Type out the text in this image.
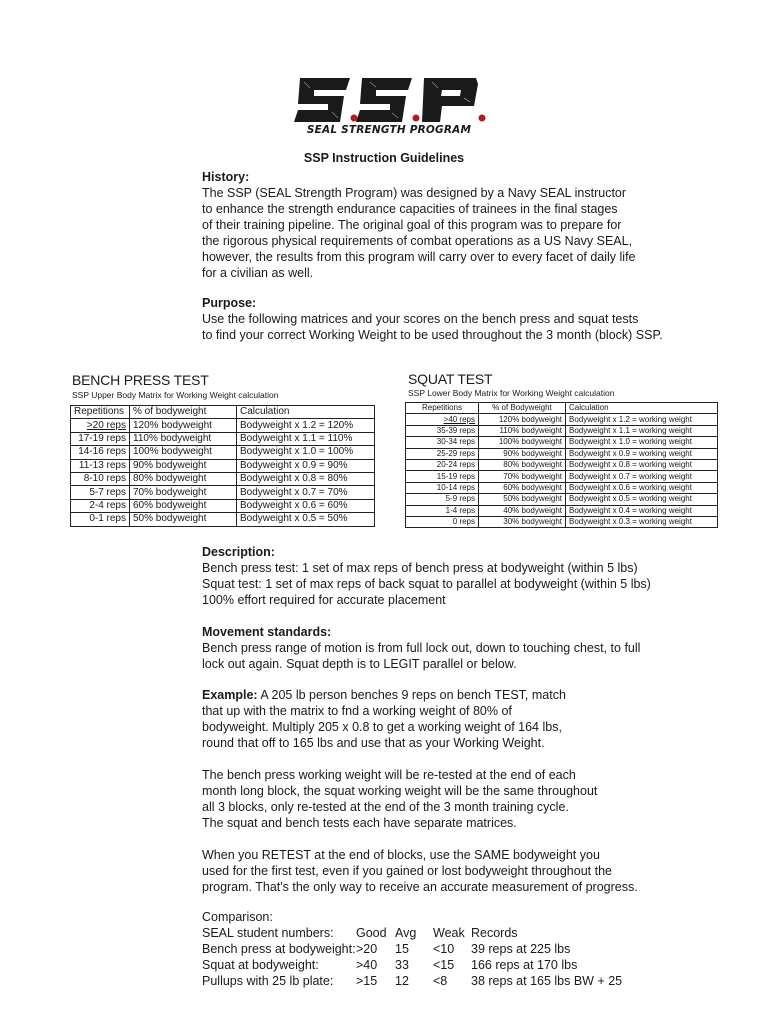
SSP
SEAL STRENGTH PROGRAM
SSP Instruction Guidelines

History:

The SSP (SEAL Strength Program) was designed by a Navy SEAL instructor

to enhance the strength endurance capacities of trainees in the final stages

of their training pipeline. The original goal of this program was to prepare for

the rigorous physical requirements of combat operations as a US Navy SEAL,

however, the results from this program will carry over to every facet of daily life

for a civilian as well.

Purpose:

Use the following matrices and your scores on the bench press and squat tests

to find your correct Working Weight to be used throughout the 3 month (block) SSP.

BENCH PRESS TEST
SSP Upper Body Matrix for Working Weight calculation
Repetitions	% of bodyweight	Calculation
>20 reps	120% bodyweight	Bodyweight x 1.2 = 120%
17-19 reps	110% bodyweight	Bodyweight x 1.1 = 110%
14-16 reps	100% bodyweight	Bodyweight x 1.0 = 100%
11-13 reps	90% bodyweight	Bodyweight x 0.9 = 90%
8-10 reps	80% bodyweight	Bodyweight x 0.8 = 80%
5-7 reps	70% bodyweight	Bodyweight x 0.7 = 70%
2-4 reps	60% bodyweight	Bodyweight x 0.6 = 60%
0-1 reps	50% bodyweight	Bodyweight x 0.5 = 50%
SQUAT TEST
SSP Lower Body Matrix for Working Weight calculation
Repetitions	% of Bodyweight	Calculation
>40 reps	120% bodyweight	Bodyweight x 1.2 = working weight
35-39 reps	110% bodyweight	Bodyweight x 1.1 = working weight
30-34 reps	100% bodyweight	Bodyweight x 1.0 = working weight
25-29 reps	90% bodyweight	Bodyweight x 0.9 = working weight
20-24 reps	80% bodyweight	Bodyweight x 0.8 = working weight
15-19 reps	70% bodyweight	Bodyweight x 0.7 = working weight
10-14 reps	60% bodyweight	Bodyweight x 0.6 = working weight
5-9 reps	50% bodyweight	Bodyweight x 0.5 = working weight
1-4 reps	40% bodyweight	Bodyweight x 0.4 = working weight
0 reps	30% bodyweight	Bodyweight x 0.3 = working weight

Description:

Bench press test: 1 set of max reps of bench press at bodyweight (within 5 lbs)

Squat test: 1 set of max reps of back squat to parallel at bodyweight (within 5 lbs)

100% effort required for accurate placement

Movement standards:

Bench press range of motion is from full lock out, down to touching chest, to full

lock out again. Squat depth is to LEGIT parallel or below.

Example: A 205 lb person benches 9 reps on bench TEST, match

that up with the matrix to fnd a working weight of 80% of

bodyweight. Multiply 205 x 0.8 to get a working weight of 164 lbs,

round that off to 165 lbs and use that as your Working Weight.

The bench press working weight will be re-tested at the end of each

month long block, the squat working weight will be the same throughout

all 3 blocks, only re-tested at the end of the 3 month training cycle.

The squat and bench tests each have separate matrices.

When you RETEST at the end of blocks, use the SAME bodyweight you

used for the first test, even if you gained or lost bodyweight throughout the

program. That's the only way to receive an accurate measurement of progress.

Comparison:
SEAL student numbers: Good Avg Weak Records
Bench press at bodyweight: >20 15 <10 39 reps at 225 lbs
Squat at bodyweight:	>40 33 <15 166 reps at 170 lbs
Pullups with 25 lb plate: >15 12 <8 38 reps at 165 lbs BW + 25
